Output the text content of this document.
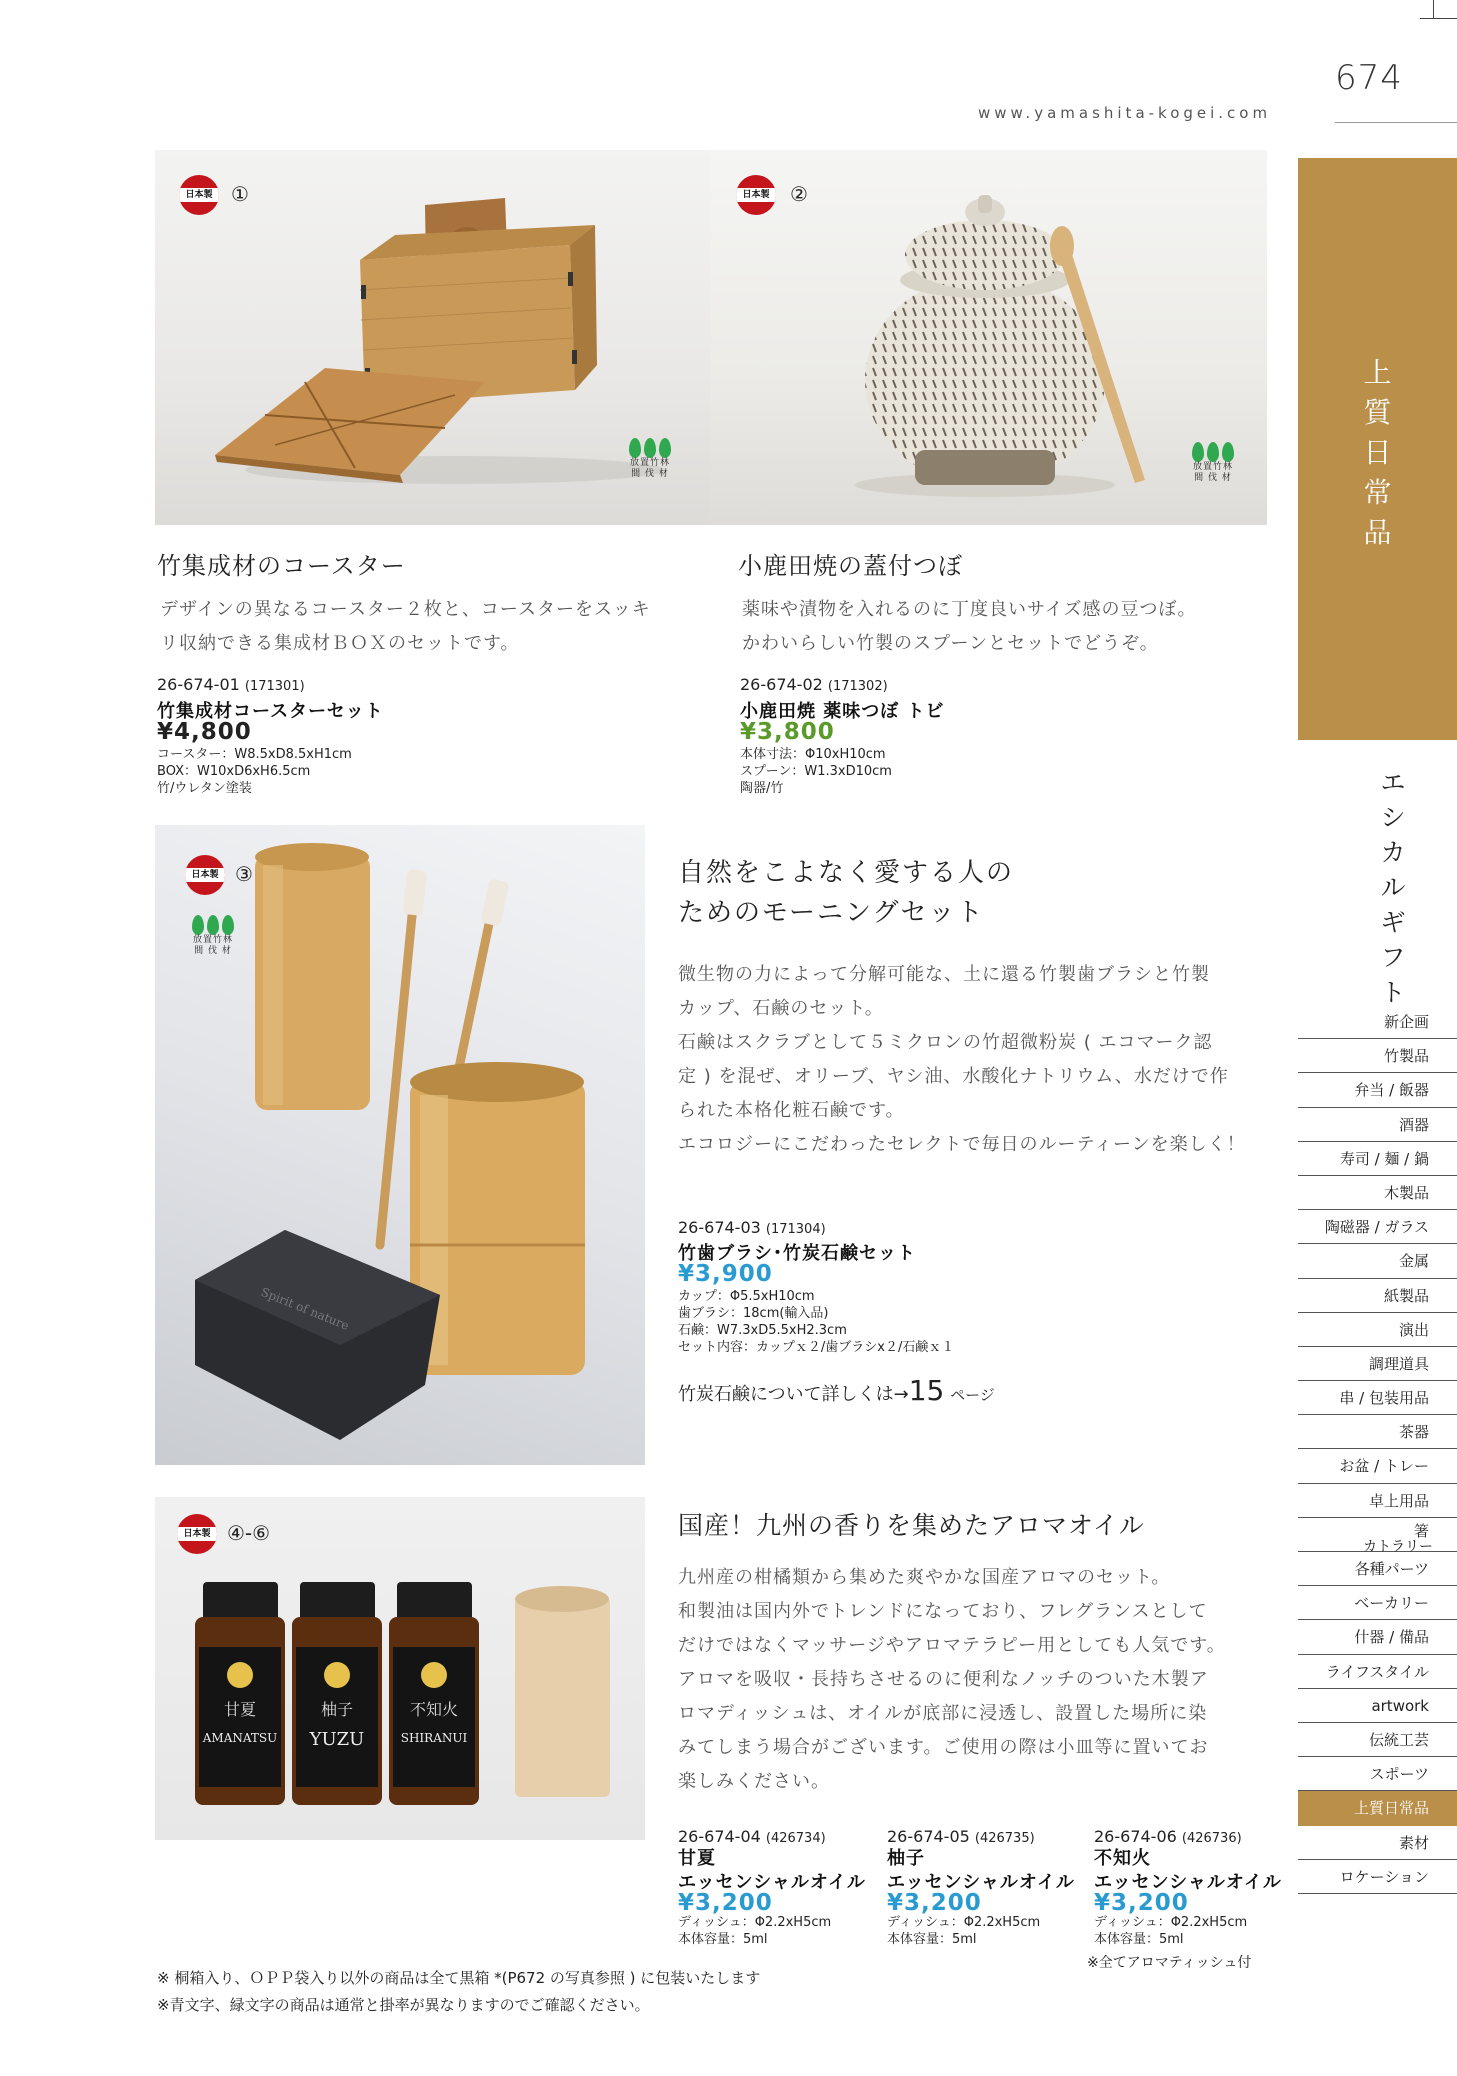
674
www.yamashita-kogei.com
日本製 ①
放置竹林
間 伐 材
日本製	②
放置竹林
間 伐 材
竹集成材のコースター
デザインの異なるコースター２枚と、コースターをスッキ
リ収納できる集成材ＢＯＸのセットです。
26-674-01 (171301)
竹集成材コースターセット
¥4,800
コースター：W8.5xD8.5xH1cm
BOX：W10xD6xH6.5cm
竹/ウレタン塗装
小鹿田焼の蓋付つぼ
薬味や漬物を入れるのに丁度良いサイズ感の豆つぼ。
かわいらしい竹製のスプーンとセットでどうぞ。
26-674-02 (171302)
小鹿田焼 薬味つぼ トビ
¥3,800
本体寸法：Φ10xH10cm
スプーン：W1.3xD10cm
陶器/竹
日本製 ③
放置竹林
間 伐 材
Spirit of nature
自然をこよなく愛する人の
ためのモーニングセット
微生物の力によって分解可能な、土に還る竹製歯ブラシと竹製
カップ、石鹸のセット。
石鹸はスクラブとして５ミクロンの竹超微粉炭 ( エコマーク認
定 ) を混ぜ、オリーブ、ヤシ油、水酸化ナトリウム、水だけで作
られた本格化粧石鹸です。
エコロジーにこだわったセレクトで毎日のルーティーンを楽しく！
26-674-03 (171304)
竹歯ブラシ･竹炭石鹸セット
¥3,900
カップ：Φ5.5xH10cm
歯ブラシ：18cm(輸入品)
石鹸：W7.3xD5.5xH2.3cm
セット内容：カップｘ２/歯ブラシx２/石鹸ｘ１
竹炭石鹸について詳しくは→15 ページ
日本製 ④-⑥
甘夏
AMANATSU
柚子
YUZU
不知火
SHIRANUI
国産！九州の香りを集めたアロマオイル
九州産の柑橘類から集めた爽やかな国産アロマのセット。
和製油は国内外でトレンドになっており、フレグランスとして
だけではなくマッサージやアロマテラピー用としても人気です。
アロマを吸収・長持ちさせるのに便利なノッチのついた木製ア
ロマディッシュは、オイルが底部に浸透し、設置した場所に染
みてしまう場合がございます。ご使用の際は小皿等に置いてお
楽しみください。
26-674-04 (426734)
甘夏
エッセンシャルオイル
¥3,200
ディッシュ：Φ2.2xH5cm
本体容量：5ml
26-674-05 (426735)
柚子
エッセンシャルオイル
¥3,200
ディッシュ：Φ2.2xH5cm
本体容量：5ml
26-674-06 (426736)
不知火
エッセンシャルオイル
¥3,200
ディッシュ：Φ2.2xH5cm
本体容量：5ml
※全てアロマティッシュ付
※ 桐箱入り、ＯＰＰ袋入り以外の商品は全て黒箱 *(P672 の写真参照 ) に包装いたします
※青文字、緑文字の商品は通常と掛率が異なりますのでご確認ください。
上
質
日
常
品
エ
シ
カ
ル
ギ
フ
ト
新企画
竹製品
弁当 / 飯器
酒器
寿司 / 麺 / 鍋
木製品
陶磁器 / ガラス
金属
紙製品
演出
調理道具
串 / 包装用品
茶器
お盆 / トレー
卓上用品
箸
カトラリー
各種パーツ
ベーカリー
什器 / 備品
ライフスタイル
artwork
伝統工芸
スポーツ
上質日常品
素材
ロケーション
